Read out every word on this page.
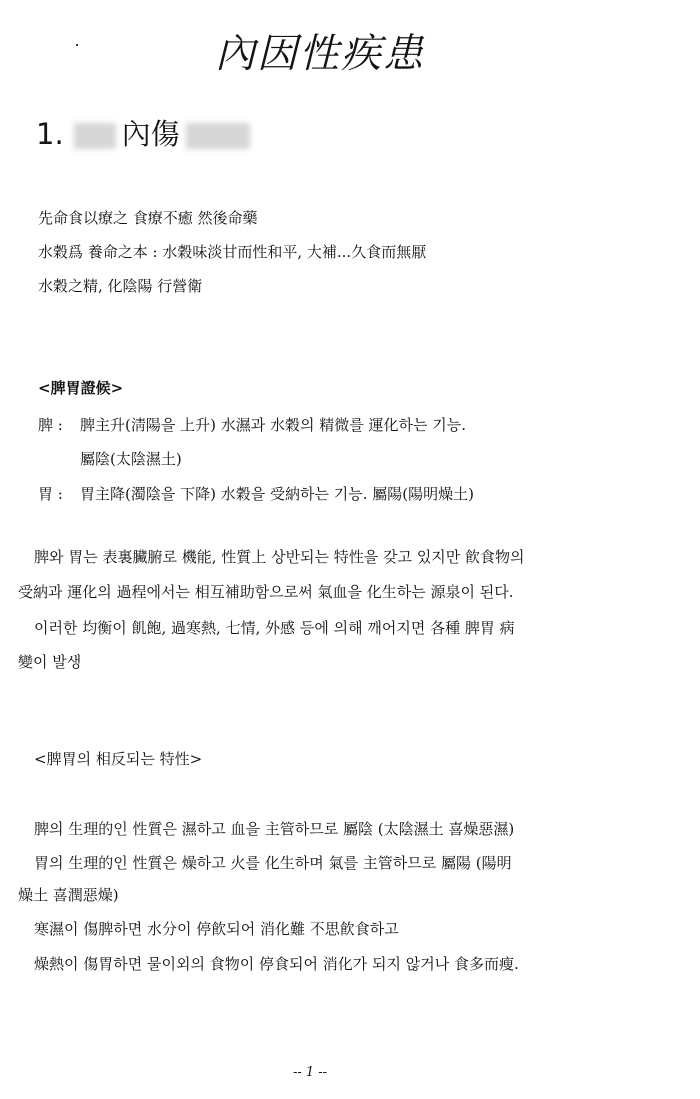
內因性疾患
1. 內傷

先命食以療之 食療不癒 然後命藥

水穀爲 養命之本 : 水穀味淡甘而性和平, 大補...久食而無厭

水穀之精, 化陰陽 行營衛

<脾胃證候>

脾 : 脾主升(淸陽을 上升) 水濕과 水穀의 精微를 運化하는 기능.

屬陰(太陰濕土)

胃 : 胃主降(濁陰을 下降) 水穀을 受納하는 기능. 屬陽(陽明燥土)

脾와 胃는 表裏臟腑로 機能, 性質上 상반되는 特性을 갖고 있지만 飮食物의

受納과 運化의 過程에서는 相互補助함으로써 氣血을 化生하는 源泉이 된다.

이러한 均衡이 飢飽, 過寒熱, 七情, 外感 등에 의해 깨어지면 各種 脾胃 病

變이 발생

<脾胃의 相反되는 特性>

脾의 生理的인 性質은 濕하고 血을 主管하므로 屬陰 (太陰濕土 喜燥惡濕)

胃의 生理的인 性質은 燥하고 火를 化生하며 氣를 主管하므로 屬陽 (陽明

燥土 喜潤惡燥)

寒濕이 傷脾하면 水分이 停飮되어 消化難 不思飮食하고

燥熱이 傷胃하면 물이외의 食物이 停食되어 消化가 되지 않거나 食多而瘦.

-- 1 --
